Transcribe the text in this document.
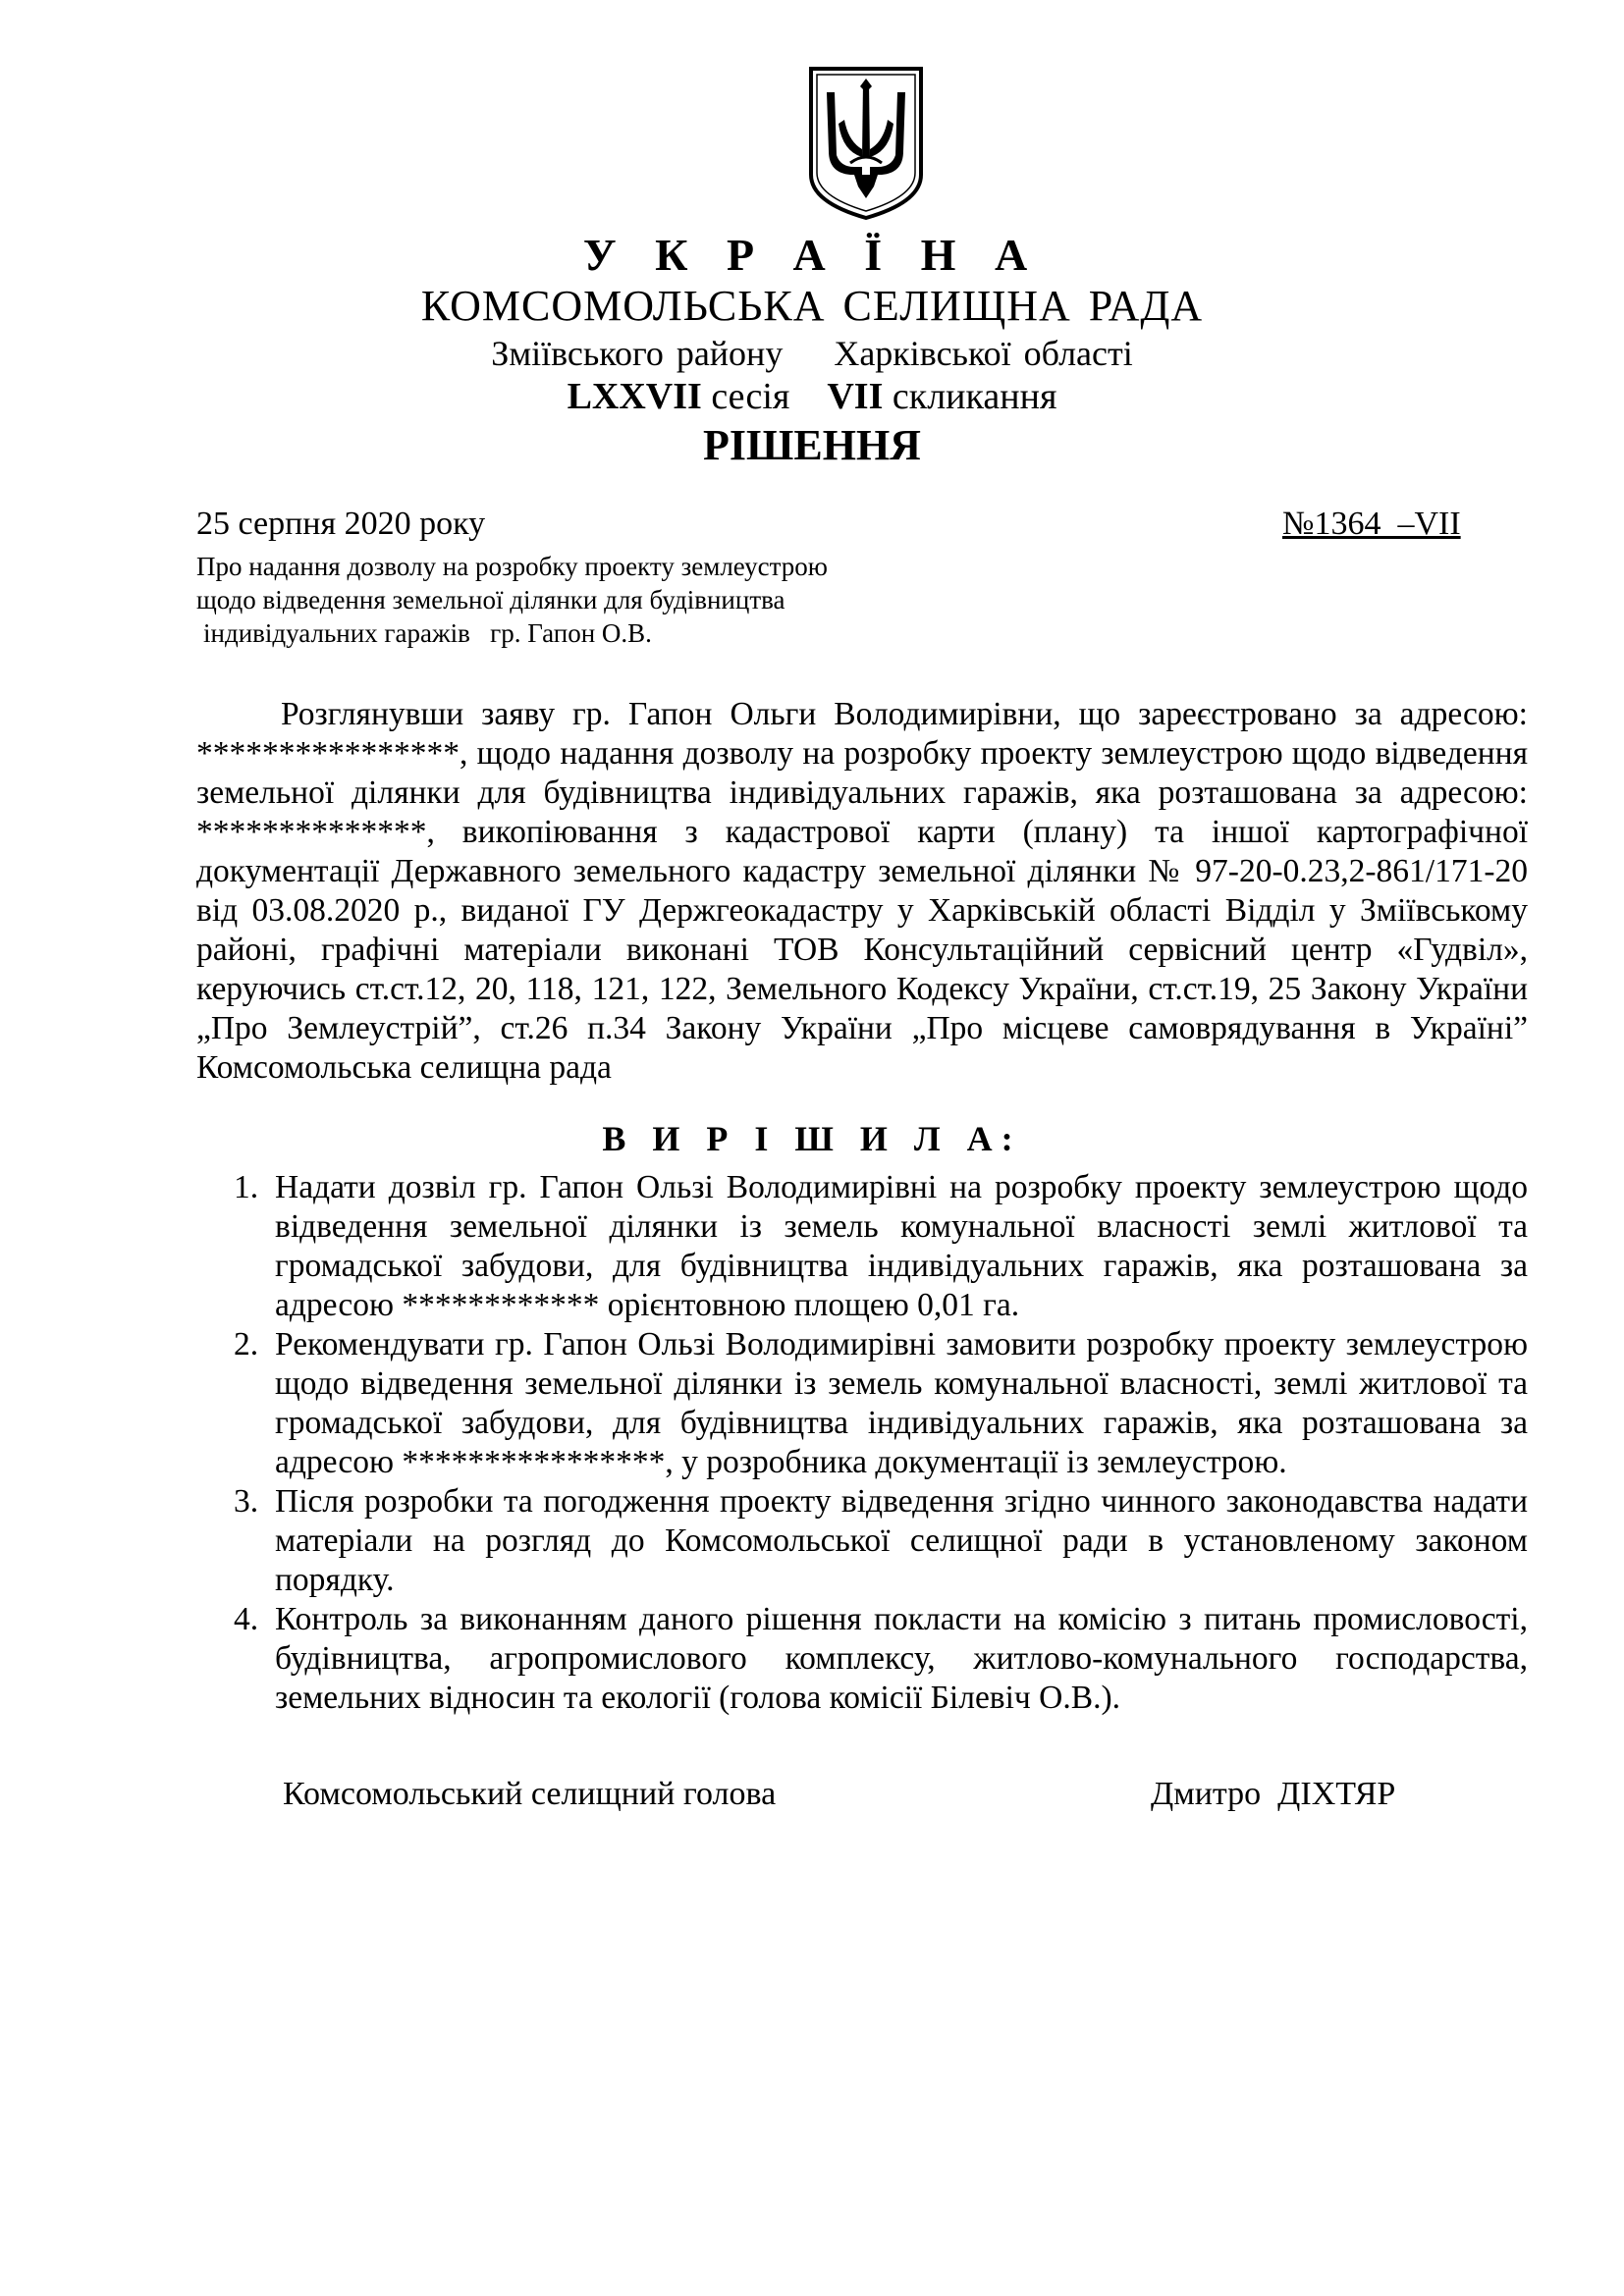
У К Р А Ї Н А
КОМСОМОЛЬСЬКА СЕЛИЩНА РАДА
Зміївського району    Харківської області
LXXVII сесія VII скликання
РІШЕННЯ
25 серпня 2020 року	№1364  –VII
Про надання дозволу на розробку проекту землеустрою
щодо відведення земельної ділянки для будівництва
індивідуальних гаражів   гр. Гапон О.В.
Розглянувши заяву гр. Гапон Ольги Володимирівни, що зареєстровано за адресою: ****************, щодо надання дозволу на розробку проекту землеустрою щодо відведення земельної ділянки для будівництва індивідуальних гаражів, яка розташована за адресою: **************, викопіювання з кадастрової карти (плану) та іншої картографічної документації Державного земельного кадастру земельної ділянки № 97-20-0.23,2-861/171-20 від 03.08.2020 р., виданої ГУ Держгеокадастру у Харківській області Відділ у Зміївському районі, графічні матеріали виконані ТОВ Консультаційний сервісний центр «Гудвіл», керуючись ст.ст.12, 20, 118, 121, 122, Земельного Кодексу України, ст.ст.19, 25 Закону України „Про Землеустрій”, ст.26 п.34 Закону України „Про місцеве самоврядування в Україні” Комсомольська селищна рада
В И Р І Ш И Л А:
1. Надати дозвіл гр. Гапон Ользі Володимирівні на розробку проекту землеустрою щодо відведення земельної ділянки із земель комунальної власності землі житлової та громадської забудови, для будівництва індивідуальних гаражів, яка розташована за адресою ************ орієнтовною площею 0,01 га.
2. Рекомендувати гр. Гапон Ользі Володимирівні замовити розробку проекту землеустрою щодо відведення земельної ділянки із земель комунальної власності, землі житлової та громадської забудови, для будівництва індивідуальних гаражів, яка розташована за адресою ****************, у розробника документації із землеустрою.
3. Після розробки та погодження проекту відведення згідно чинного законодавства надати матеріали на розгляд до Комсомольської селищної ради в установленому законом порядку.
4. Контроль за виконанням даного рішення покласти на комісію з питань промисловості, будівництва, агропромислового комплексу, житлово-комунального господарства, земельних відносин та екології (голова комісії Білевіч О.В.).
Комсомольський селищний голова	Дмитро  ДІХТЯР
